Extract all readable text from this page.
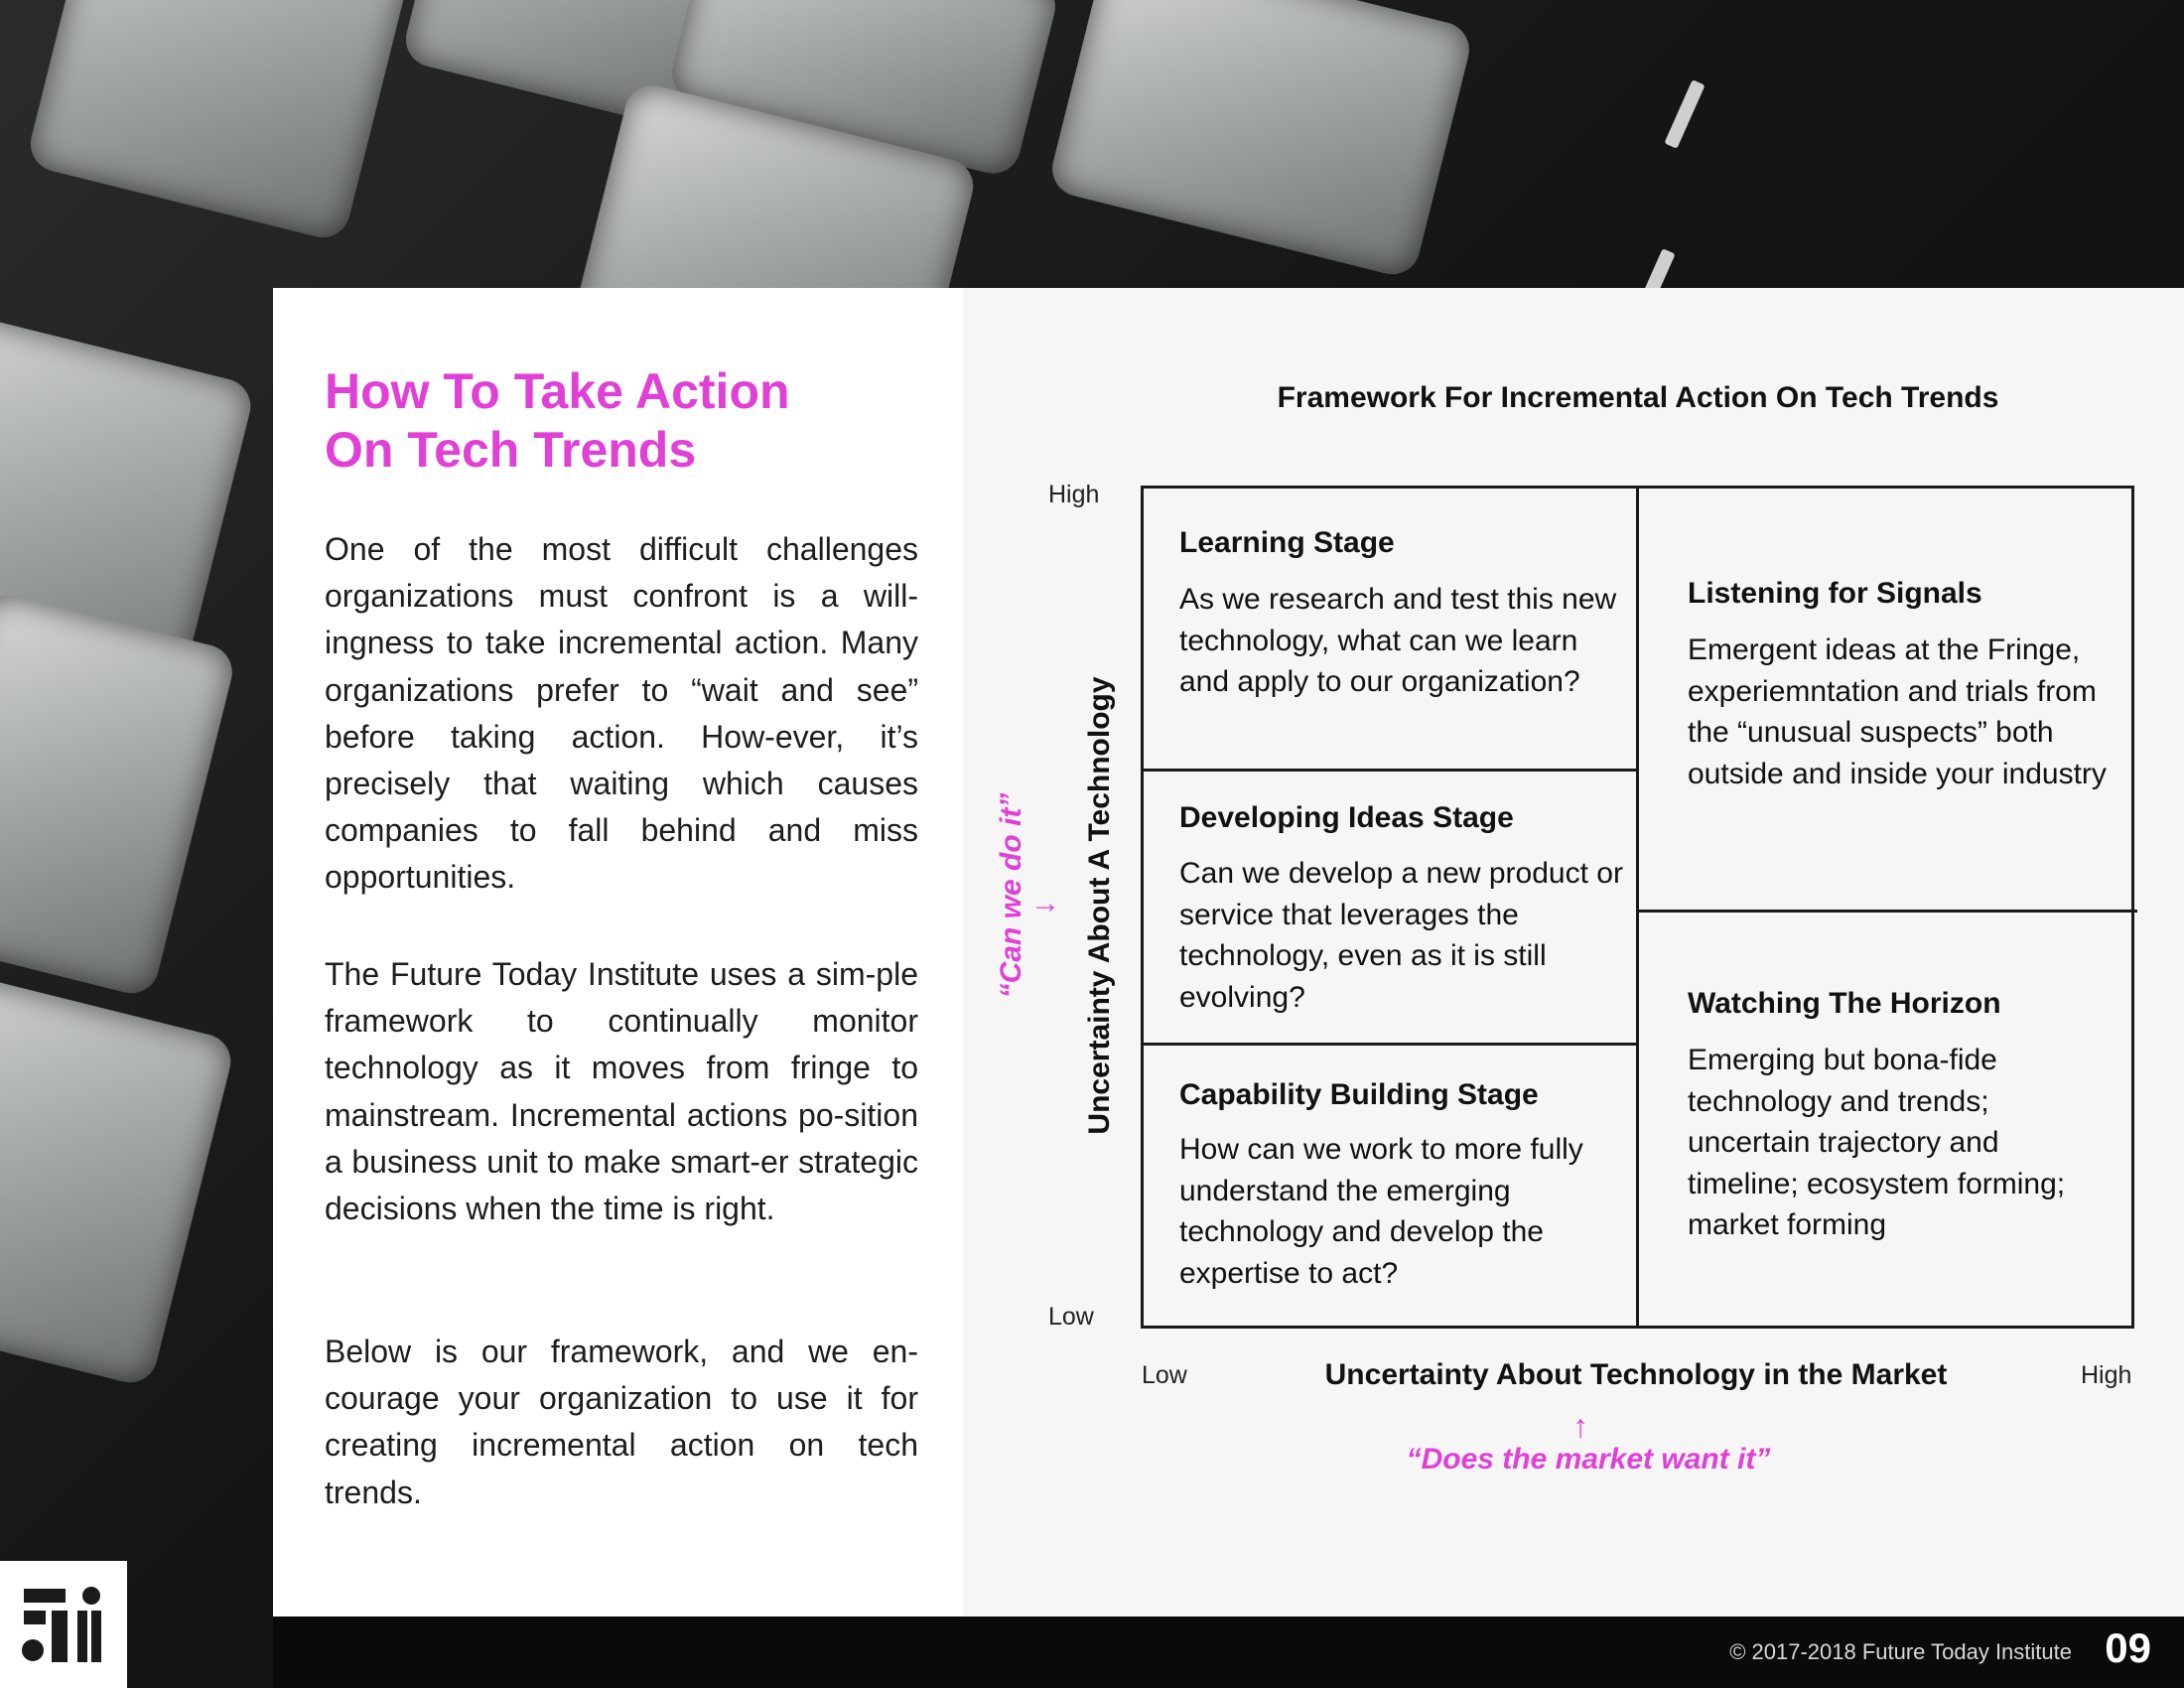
How To Take Action
On Tech Trends
One of the most difficult challenges organizations must confront is a will-ingness to take incremental action. Many organizations prefer to “wait and see” before taking action. How-ever, it’s precisely that waiting which causes companies to fall behind and miss opportunities.
The Future Today Institute uses a sim-ple framework to continually monitor technology as it moves from fringe to mainstream. Incremental actions po-sition a business unit to make smart-er strategic decisions when the time is right.
Below is our framework, and we en-courage your organization to use it for creating incremental action on tech trends.
Framework For Incremental Action On Tech Trends
High
Low
Learning Stage
As we research and test this new technology, what can we learn and apply to our organization?
Developing Ideas Stage
Can we develop a new product or service that leverages the technology, even as it is still evolving?
Capability Building Stage
How can we work to more fully understand the emerging technology and develop the expertise to act?
Listening for Signals
Emergent ideas at the Fringe, experiemntation and trials from the “unusual suspects” both outside and inside your industry
Watching The Horizon
Emerging but bona-fide technology and trends; uncertain trajectory and timeline; ecosystem forming; market forming
Uncertainty About A Technology
“Can we do it” →
Low	High
Uncertainty About Technology in the Market
↑
“Does the market want it”
© 2017-2018 Future Today Institute 09
